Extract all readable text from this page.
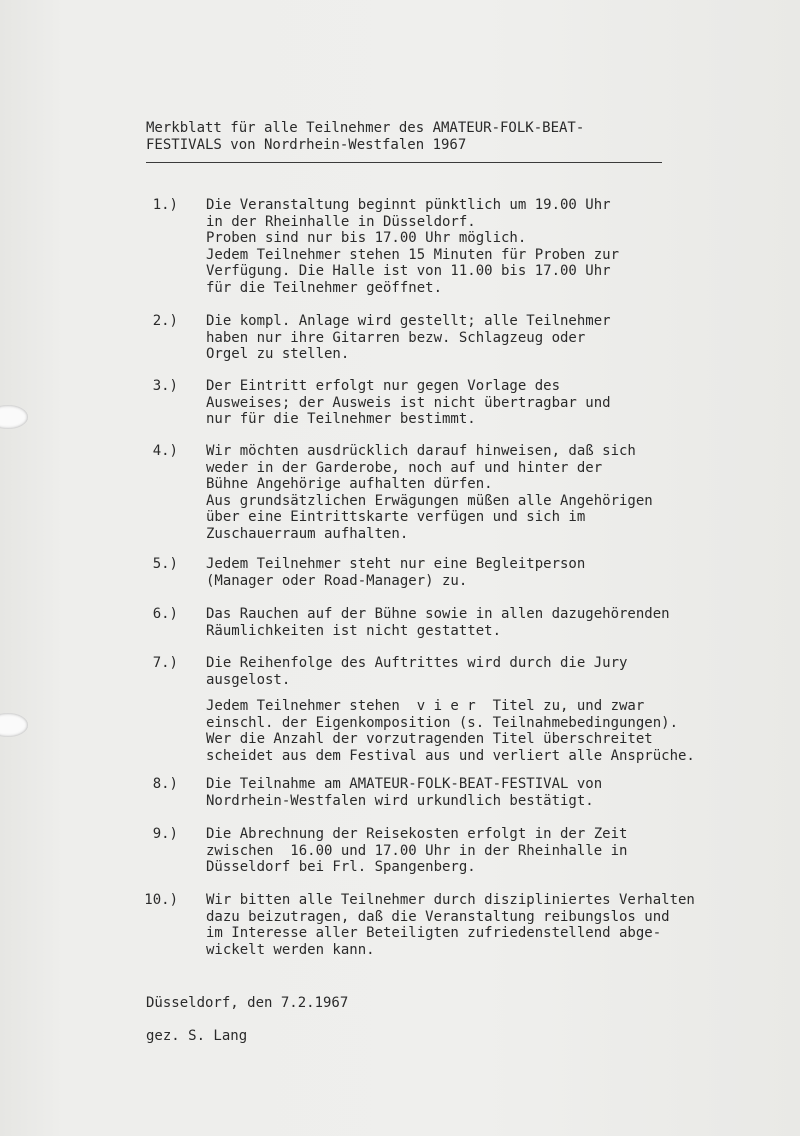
Merkblatt für alle Teilnehmer des AMATEUR-FOLK-BEAT-
FESTIVALS von Nordrhein-Westfalen 1967
1.) Die Veranstaltung beginnt pünktlich um 19.00 Uhr
in der Rheinhalle in Düsseldorf.
Proben sind nur bis 17.00 Uhr möglich.
Jedem Teilnehmer stehen 15 Minuten für Proben zur
Verfügung. Die Halle ist von 11.00 bis 17.00 Uhr
für die Teilnehmer geöffnet.
2.) Die kompl. Anlage wird gestellt; alle Teilnehmer
haben nur ihre Gitarren bezw. Schlagzeug oder
Orgel zu stellen.
3.) Der Eintritt erfolgt nur gegen Vorlage des
Ausweises; der Ausweis ist nicht übertragbar und
nur für die Teilnehmer bestimmt.
4.) Wir möchten ausdrücklich darauf hinweisen, daß sich
weder in der Garderobe, noch auf und hinter der
Bühne Angehörige aufhalten dürfen.
Aus grundsätzlichen Erwägungen müßen alle Angehörigen
über eine Eintrittskarte verfügen und sich im
Zuschauerraum aufhalten.
5.) Jedem Teilnehmer steht nur eine Begleitperson
(Manager oder Road-Manager) zu.
6.) Das Rauchen auf der Bühne sowie in allen dazugehörenden
Räumlichkeiten ist nicht gestattet.
7.) Die Reihenfolge des Auftrittes wird durch die Jury
ausgelost.
Jedem Teilnehmer stehen  v i e r  Titel zu, und zwar
einschl. der Eigenkomposition (s. Teilnahmebedingungen).
Wer die Anzahl der vorzutragenden Titel überschreitet
scheidet aus dem Festival aus und verliert alle Ansprüche.
8.) Die Teilnahme am AMATEUR-FOLK-BEAT-FESTIVAL von
Nordrhein-Westfalen wird urkundlich bestätigt.
9.) Die Abrechnung der Reisekosten erfolgt in der Zeit
zwischen  16.00 und 17.00 Uhr in der Rheinhalle in
Düsseldorf bei Frl. Spangenberg.
10.) Wir bitten alle Teilnehmer durch diszipliniertes Verhalten
dazu beizutragen, daß die Veranstaltung reibungslos und
im Interesse aller Beteiligten zufriedenstellend abge-
wickelt werden kann.
Düsseldorf, den 7.2.1967
gez. S. Lang
